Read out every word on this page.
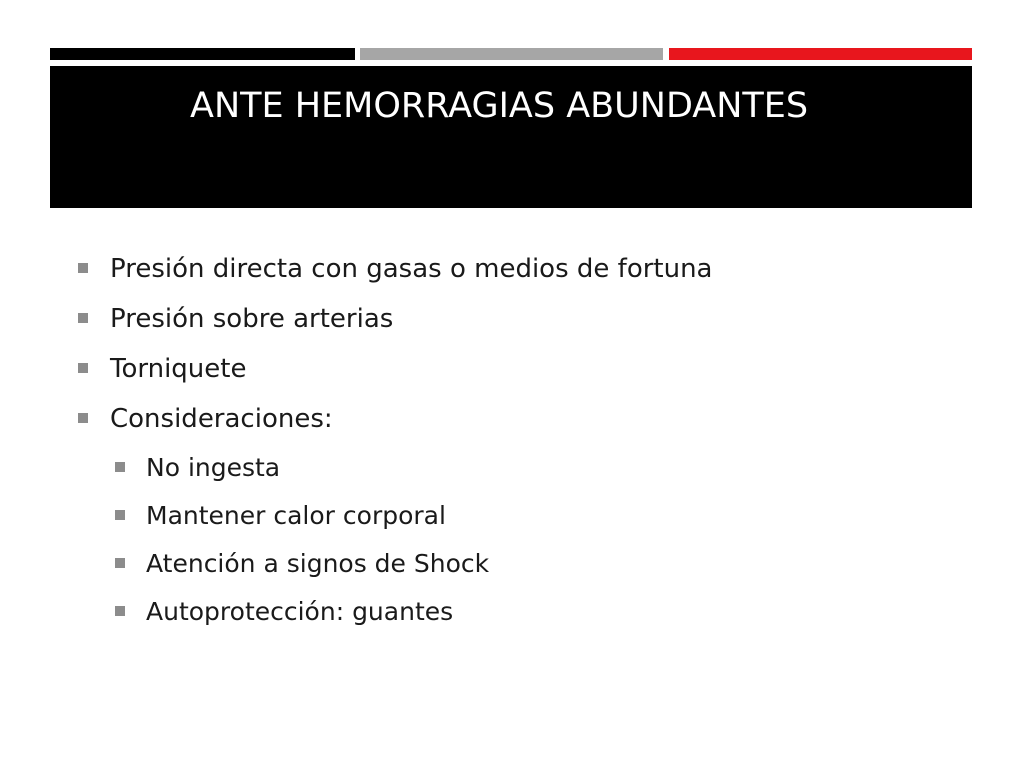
ANTE HEMORRAGIAS ABUNDANTES
Presión directa con gasas o medios de fortuna
Presión sobre arterias
Torniquete
Consideraciones:
No ingesta
Mantener calor corporal
Atención a signos de Shock
Autoprotección: guantes
